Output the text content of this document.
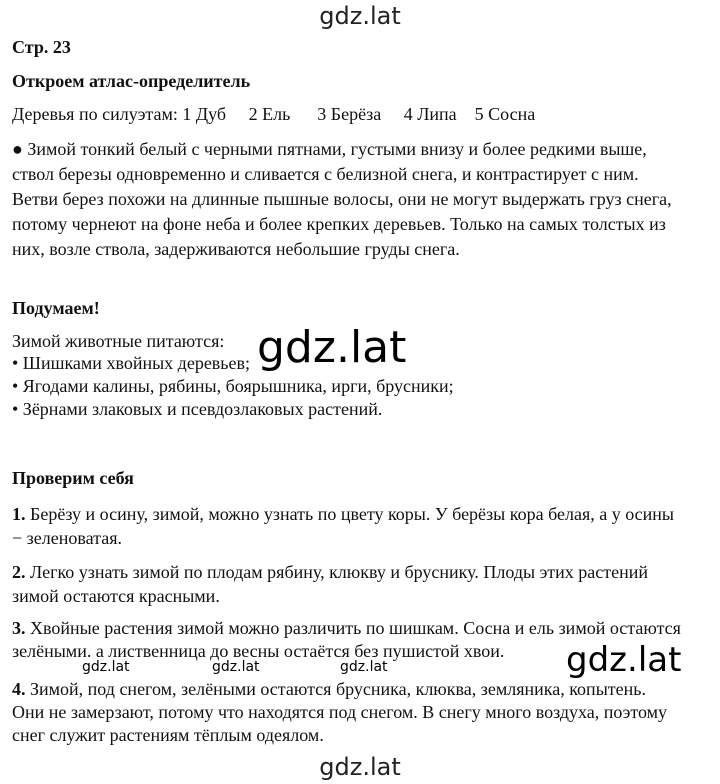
gdz.lat
Стр. 23
Откроем атлас-определитель
Деревья по силуэтам: 1 Дуб     2 Ель      3 Берёза     4 Липа    5 Сосна
● Зимой тонкий белый с черными пятнами, густыми внизу и более редкими выше,
ствол березы одновременно и сливается с белизной снега, и контрастирует с ним.
Ветви берез похожи на длинные пышные волосы, они не могут выдержать груз снега,
потому чернеют на фоне неба и более крепких деревьев. Только на самых толстых из
них, возле ствола, задерживаются небольшие груды снега.
Подумаем!
Зимой животные питаются:
• Шишками хвойных деревьев;
• Ягодами калины, рябины, боярышника, ирги, брусники;
• Зёрнами злаковых и псевдозлаковых растений.
gdz.lat
Проверим себя
1. Берёзу и осину, зимой, можно узнать по цвету коры. У берёзы кора белая, а у осины
− зеленоватая.
2. Легко узнать зимой по плодам рябину, клюкву и бруснику. Плоды этих растений
зимой остаются красными.
3. Хвойные растения зимой можно различить по шишкам. Сосна и ель зимой остаются
зелёными. а лиственница до весны остаётся без пушистой хвои.
gdz.lat	gdz.lat	gdz.lat	gdz.lat
4. Зимой, под снегом, зелёными остаются брусника, клюква, земляника, копытень.
Они не замерзают, потому что находятся под снегом. В снегу много воздуха, поэтому
снег служит растениям тёплым одеялом.
gdz.lat
